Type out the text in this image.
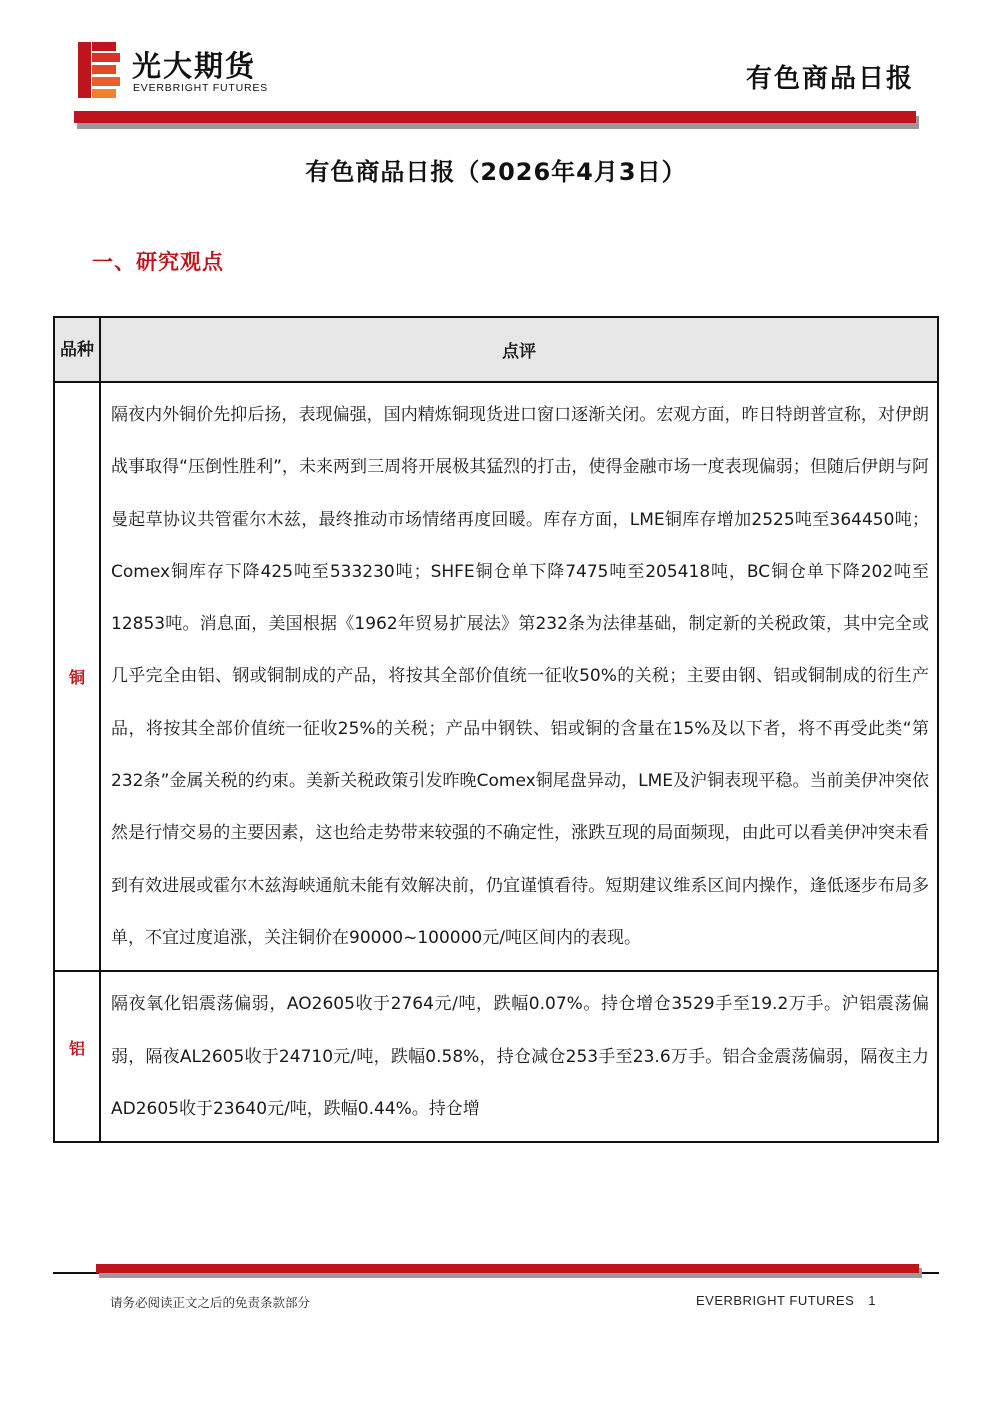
光大期货
EVERBRIGHT FUTURES	有色商品日报
有色商品日报（2026年4月3日）
一、研究观点
品种	点评
铜	隔夜内外铜价先抑后扬，表现偏强，国内精炼铜现货进口窗口逐渐关闭。宏观方面，昨日特朗普宣称，对伊朗战事取得“压倒性胜利”，未来两到三周将开展极其猛烈的打击，使得金融市场一度表现偏弱；但随后伊朗与阿曼起草协议共管霍尔木兹，最终推动市场情绪再度回暖。库存方面，LME铜库存增加2525吨至364450吨；Comex铜库存下降425吨至533230吨；SHFE铜仓单下降7475吨至205418吨，BC铜仓单下降202吨至12853吨。消息面，美国根据《1962年贸易扩展法》第232条为法律基础，制定新的关税政策，其中完全或几乎完全由铝、钢或铜制成的产品，将按其全部价值统一征收50%的关税；主要由钢、铝或铜制成的衍生产品，将按其全部价值统一征收25%的关税；产品中钢铁、铝或铜的含量在15%及以下者，将不再受此类“第232条”金属关税的约束。美新关税政策引发昨晚Comex铜尾盘异动，LME及沪铜表现平稳。当前美伊冲突依然是行情交易的主要因素，这也给走势带来较强的不确定性，涨跌互现的局面频现，由此可以看美伊冲突未看到有效进展或霍尔木兹海峡通航未能有效解决前，仍宜谨慎看待。短期建议维系区间内操作，逢低逐步布局多单，不宜过度追涨，关注铜价在90000~100000元/吨区间内的表现。

铝	隔夜氧化铝震荡偏弱，AO2605收于2764元/吨，跌幅0.07%。持仓增仓3529手至19.2万手。沪铝震荡偏弱，隔夜AL2605收于24710元/吨，跌幅0.58%，持仓减仓253手至23.6万手。铝合金震荡偏弱，隔夜主力AD2605收于23640元/吨，跌幅0.44%。持仓增
请务必阅读正文之后的免责条款部分	EVERBRIGHT FUTURES 1
